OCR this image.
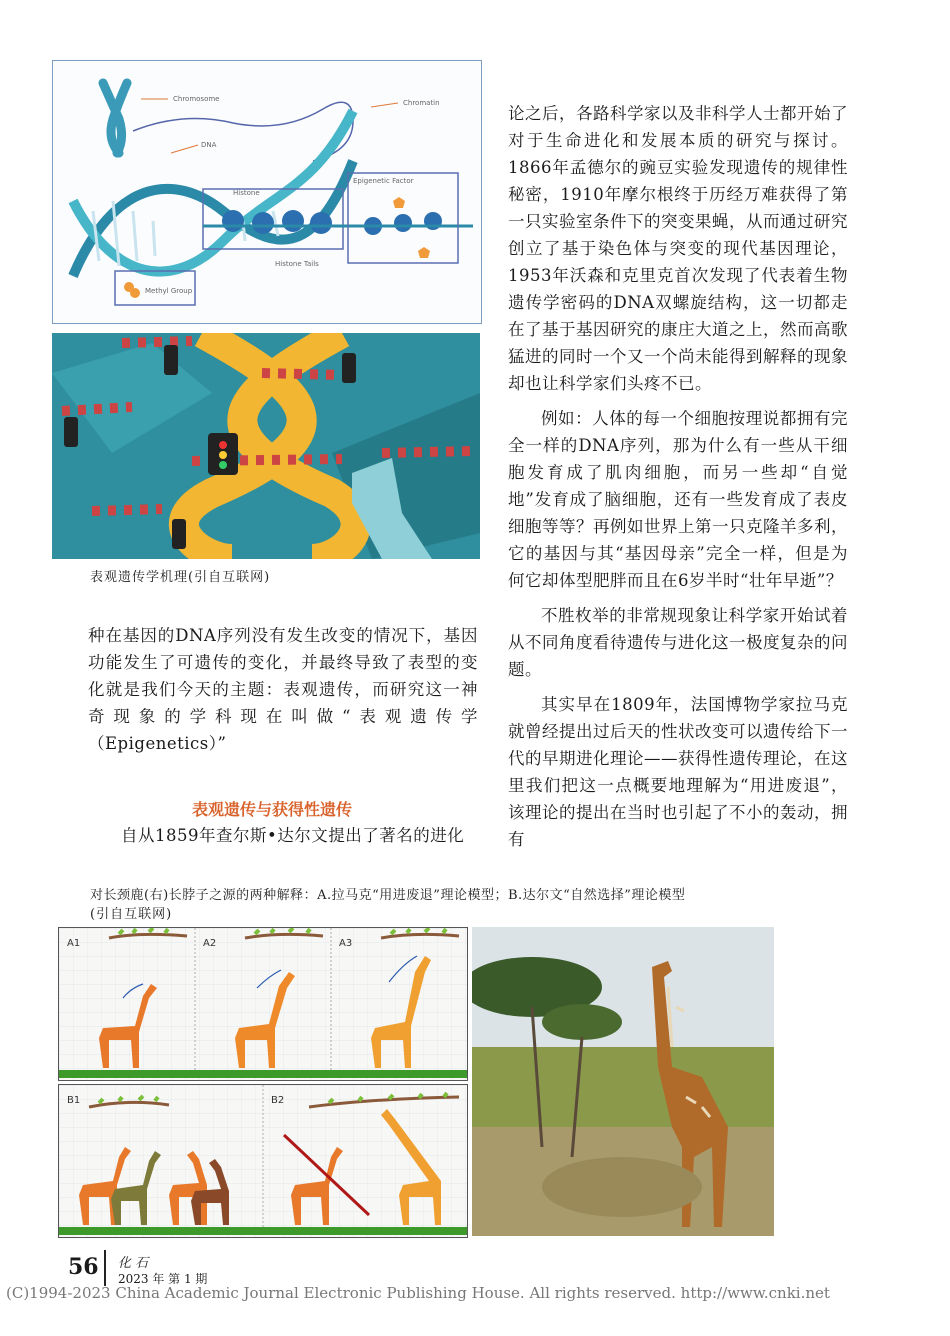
Chromosome	Chromatin
DNA
Histone
Histone Tails
Epigenetic Factor
Methyl Group
表观遗传学机理(引自互联网)

种在基因的DNA序列没有发生改变的情况下，基因功能发生了可遗传的变化，并最终导致了表型的变化就是我们今天的主题：表观遗传，而研究这一神奇现象的学科现在叫做“表观遗传学（Epigenetics）”

表观遗传与获得性遗传

自从1859年查尔斯•达尔文提出了著名的进化

论之后，各路科学家以及非科学人士都开始了对于生命进化和发展本质的研究与探讨。1866年孟德尔的豌豆实验发现遗传的规律性秘密，1910年摩尔根终于历经万难获得了第一只实验室条件下的突变果蝇，从而通过研究创立了基于染色体与突变的现代基因理论，1953年沃森和克里克首次发现了代表着生物遗传学密码的DNA双螺旋结构，这一切都走在了基于基因研究的康庄大道之上，然而高歌猛进的同时一个又一个尚未能得到解释的现象却也让科学家们头疼不已。

例如：人体的每一个细胞按理说都拥有完全一样的DNA序列，那为什么有一些从干细胞发育成了肌肉细胞，而另一些却“自觉地”发育成了脑细胞，还有一些发育成了表皮细胞等等？再例如世界上第一只克隆羊多利，它的基因与其“基因母亲”完全一样，但是为何它却体型肥胖而且在6岁半时“壮年早逝”？

不胜枚举的非常规现象让科学家开始试着从不同角度看待遗传与进化这一极度复杂的问题。

其实早在1809年，法国博物学家拉马克就曾经提出过后天的性状改变可以遗传给下一代的早期进化理论——获得性遗传理论，在这里我们把这一点概要地理解为“用进废退”，该理论的提出在当时也引起了不小的轰动，拥有

对长颈鹿(右)长脖子之源的两种解释：A.拉马克“用进废退”理论模型；B.达尔文“自然选择”理论模型
(引自互联网)
A1	A2	A3
B1	B2
56 化 石
2023 年 第 1 期
(C)1994-2023 China Academic Journal Electronic Publishing House. All rights reserved. http://www.cnki.net
